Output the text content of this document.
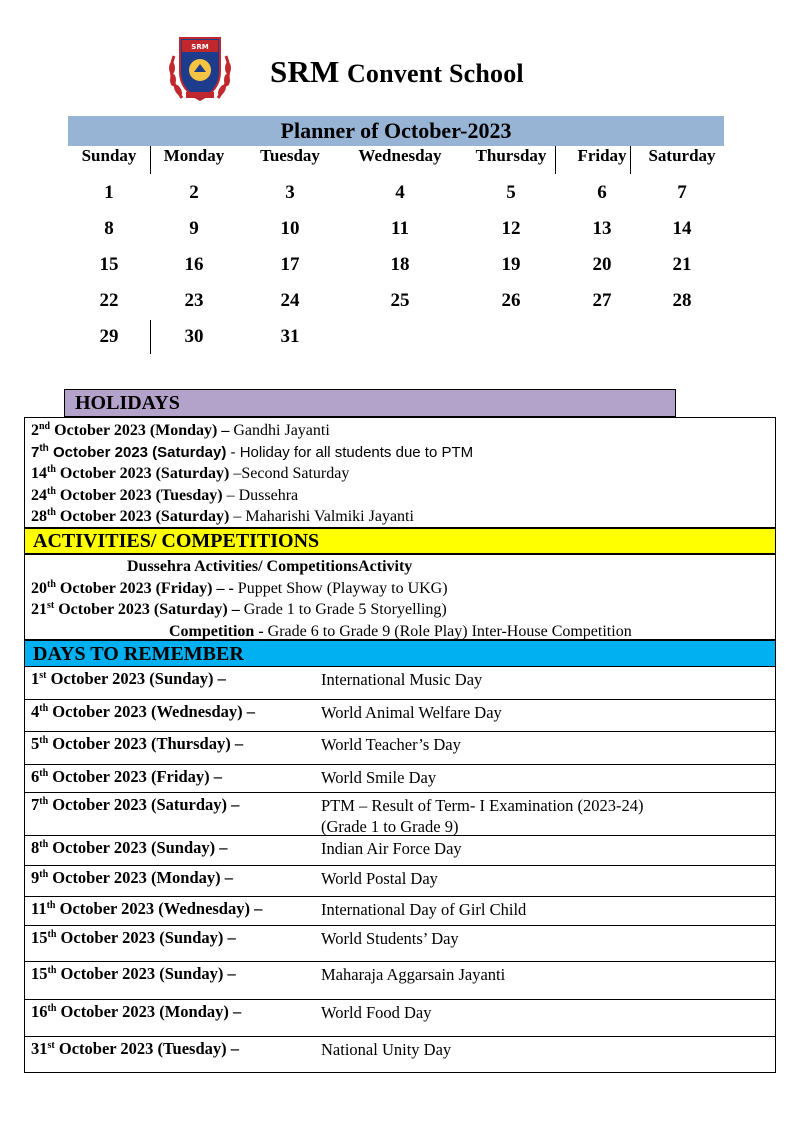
SRM
SRM Convent School
Planner of October-2023
Sunday	Monday	Tuesday	Wednesday	Thursday	Friday	Saturday
1	2	3	4	5	6	7
8	9	10	11	12	13	14
15	16	17	18	19	20	21
22	23	24	25	26	27	28
29	30	31
HOLIDAYS
2nd October 2023 (Monday) – Gandhi Jayanti
7th October 2023 (Saturday) - Holiday for all students due to PTM
14th October 2023 (Saturday) –Second Saturday
24th October 2023 (Tuesday) – Dussehra
28th October 2023 (Saturday) – Maharishi Valmiki Jayanti
ACTIVITIES/ COMPETITIONS
Dussehra Activities/ CompetitionsActivity
20th October 2023 (Friday) – - Puppet Show (Playway to UKG)
21st October 2023 (Saturday) – Grade 1 to Grade 5 Storyelling)
Competition - Grade 6 to Grade 9 (Role Play) Inter-House Competition
DAYS TO REMEMBER
1st October 2023 (Sunday) –	International Music Day
4th October 2023 (Wednesday) –	World Animal Welfare Day
5th October 2023 (Thursday) –	World Teacher’s Day
6th October 2023 (Friday) –	World Smile Day
7th October 2023 (Saturday) –	PTM – Result of Term- I Examination (2023-24)
(Grade 1 to Grade 9)
8th October 2023 (Sunday) –	Indian Air Force Day
9th October 2023 (Monday) –	World Postal Day
11th October 2023 (Wednesday) –	International Day of Girl Child
15th October 2023 (Sunday) –	World Students’ Day
15th October 2023 (Sunday) –	Maharaja Aggarsain Jayanti
16th October 2023 (Monday) –	World Food Day
31st October 2023 (Tuesday) –	National Unity Day
